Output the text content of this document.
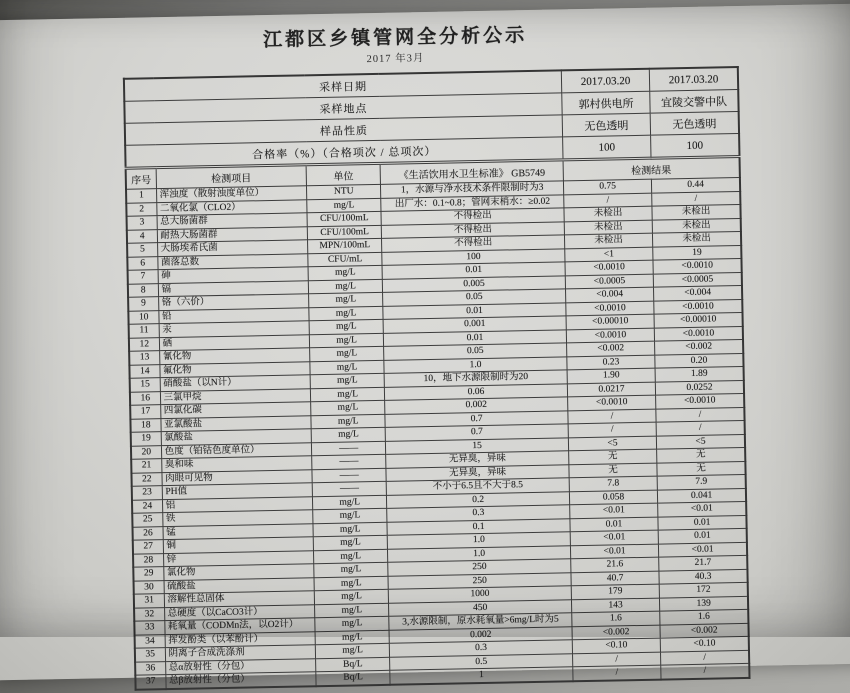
江都区乡镇管网全分析公示
2017 年3月
采样日期				2017.03.20	2017.03.20
采样地点				郭村供电所	宜陵交警中队
样品性质				无色透明	无色透明
合格率（%）（合格项次 / 总项次）				100	100
序号	检测项目	单位	《生活饮用水卫生标准》 GB5749	检测结果	
1	浑浊度（散射浊度单位）	NTU	1，水源与净水技术条件限制时为3	0.75	0.44
2	二氧化氯（CLO2）	mg/L	出厂水：0.1~0.8；管网末梢水：≥0.02	/	/
3	总大肠菌群	CFU/100mL	不得检出	未检出	未检出
4	耐热大肠菌群	CFU/100mL	不得检出	未检出	未检出
5	大肠埃希氏菌	MPN/100mL	不得检出	未检出	未检出
6	菌落总数	CFU/mL	100	<1	19
7	砷	mg/L	0.01	<0.0010	<0.0010
8	镉	mg/L	0.005	<0.0005	<0.0005
9	铬（六价）	mg/L	0.05	<0.004	<0.004
10	铅	mg/L	0.01	<0.0010	<0.0010
11	汞	mg/L	0.001	<0.00010	<0.00010
12	硒	mg/L	0.01	<0.0010	<0.0010
13	氰化物	mg/L	0.05	<0.002	<0.002
14	氟化物	mg/L	1.0	0.23	0.20
15	硝酸盐（以N计）	mg/L	10，地下水源限制时为20	1.90	1.89
16	三氯甲烷	mg/L	0.06	0.0217	0.0252
17	四氯化碳	mg/L	0.002	<0.0010	<0.0010
18	亚氯酸盐	mg/L	0.7	/	/
19	氯酸盐	mg/L	0.7	/	/
20	色度（铂钴色度单位）	——	15	<5	<5
21	臭和味	——	无异臭，异味	无	无
22	肉眼可见物	——	无异臭，异味	无	无
23	PH值	——	不小于6.5且不大于8.5	7.8	7.9
24	铝	mg/L	0.2	0.058	0.041
25	铁	mg/L	0.3	<0.01	<0.01
26	锰	mg/L	0.1	0.01	0.01
27	铜	mg/L	1.0	<0.01	0.01
28	锌	mg/L	1.0	<0.01	<0.01
29	氯化物	mg/L	250	21.6	21.7
30	硫酸盐	mg/L	250	40.7	40.3
31	溶解性总固体	mg/L	1000	179	172
32	总硬度（以CaCO3计）	mg/L	450	143	139
33	耗氧量（CODMn法，以O2计）	mg/L	3,水源限制，原水耗氧量>6mg/L时为5	1.6	1.6
34	挥发酚类（以苯酚计）	mg/L	0.002	<0.002	<0.002
35	阴离子合成洗涤剂	mg/L	0.3	<0.10	<0.10
36	总α放射性（分包）	Bq/L	0.5	/	/
37	总β放射性（分包）	Bq/L	1	/	/
